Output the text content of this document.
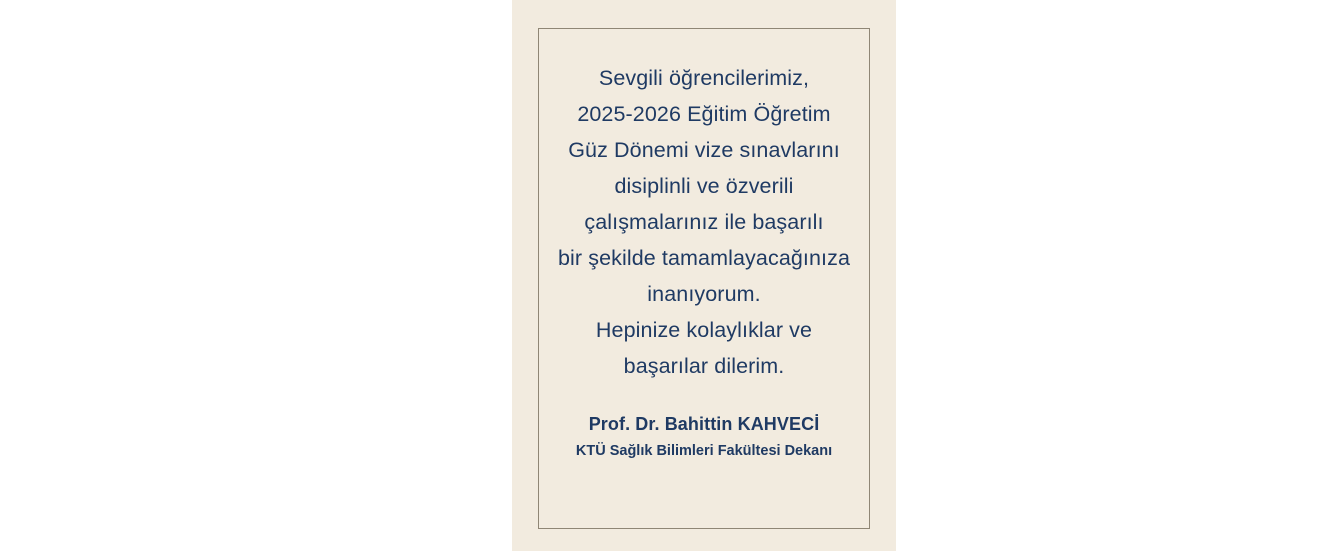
Sevgili öğrencilerimiz,
2025-2026 Eğitim Öğretim
Güz Dönemi vize sınavlarını
disiplinli ve özverili
çalışmalarınız ile başarılı
bir şekilde tamamlayacağınıza
inanıyorum.
Hepinize kolaylıklar ve
başarılar dilerim.
Prof. Dr. Bahittin KAHVECİ
KTÜ Sağlık Bilimleri Fakültesi Dekanı
